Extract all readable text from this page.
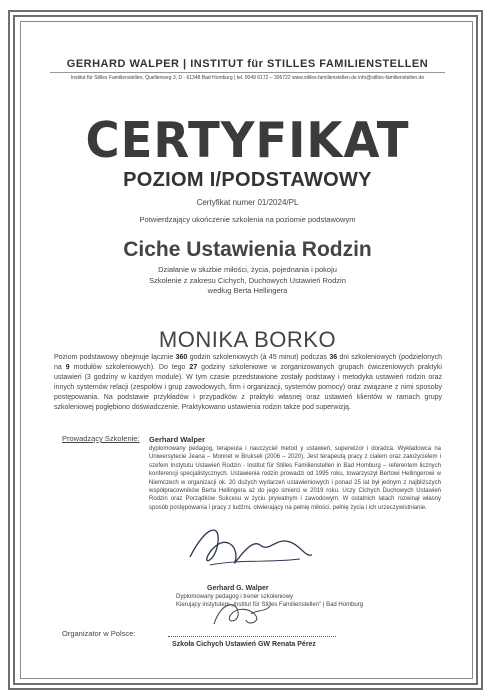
GERHARD WALPER | INSTITUT für STILLES FAMILIENSTELLEN
Institut für Stilles Familienstellen, Quellenweg 3, D - 61348 Bad Homburg | tel. 0049 6172 – 305722 www.stilles-familienstellen.de info@stilles-familienstellen.de
CERTYFIKAT
POZIOM I/PODSTAWOWY
Certyfikat numer 01/2024/PL
Potwierdzający ukończenie szkolenia na poziomie podstawowym
Ciche Ustawienia Rodzin
Działanie w służbie miłości, życia, pojednania i pokoju
Szkolenie z zakresu Cichych, Duchowych Ustawień Rodzin
według Berta Hellingera
MONIKA BORKO
Poziom podstawowy obejmuje łącznie 360 godzin szkoleniowych (à 45 minut) podczas 36 dni szkoleniowych (podzielonych na 9 modułów szkoleniowych). Do tego 27 godziny szkoleniowe w zorganizowanych grupach ćwiczeniowych praktyki ustawień (3 godziny w każdym module). W tym czasie przedstawione zostały podstawy i metodyka ustawień rodzin oraz innych systemów relacji (zespołów i grup zawodowych, firm i organizacji, systemów pomocy) oraz związane z nimi sposoby postępowania. Na podstawie przykładów i przypadków z praktyki własnej oraz ustawień klientów w ramach grupy szkoleniowej pogłębiono doświadczenie. Praktykowano ustawienia rodzin także pod superwizją.
Prowadzący Szkolenie: Gerhard Walper
dyplomowany pedagog, terapeuta i nauczyciel metod у ustawień, superwizor i doradca. Wykładowca na Uniwersytecie Jeana – Monnet w Brukseli (2006 – 2020). Jest terapeutą pracy z ciałem oraz założycielem i szefem Instytutu Ustawień Rodzin - Institut für Stilles Familienstellen in Bad Homburg – referentem licznych konferencji specjalistycznych. Ustawienia rodzin prowadzi od 1995 roku, towarzyszył Bertowi Hellingerowi w Niemczech w organizacji ok. 20 dużych wydarzeń ustawieniowych i ponad 25 lat był jednym z najbliższych współpracowników Berta Hellingera aż do jego śmierci w 2019 roku. Uczy Cichych Duchowych Ustawień Rodzin oraz Porządków Sukcesu w życiu prywatnym i zawodowym. W ostatnich latach rozwinął własny sposób postępowania i pracy z ludźmi, otwierający na pełnię miłości, pełnię życia i ich urzeczywistnianie.
Gerhard G. Walper
Dyplomowany pedagog i trener szkoleniowy
Kierujący instytutem „Institut für Stilles Familienstellen" | Bad Homburg
Organizator w Polsce:
Szkoła Cichych Ustawień GW Renata Pérez
